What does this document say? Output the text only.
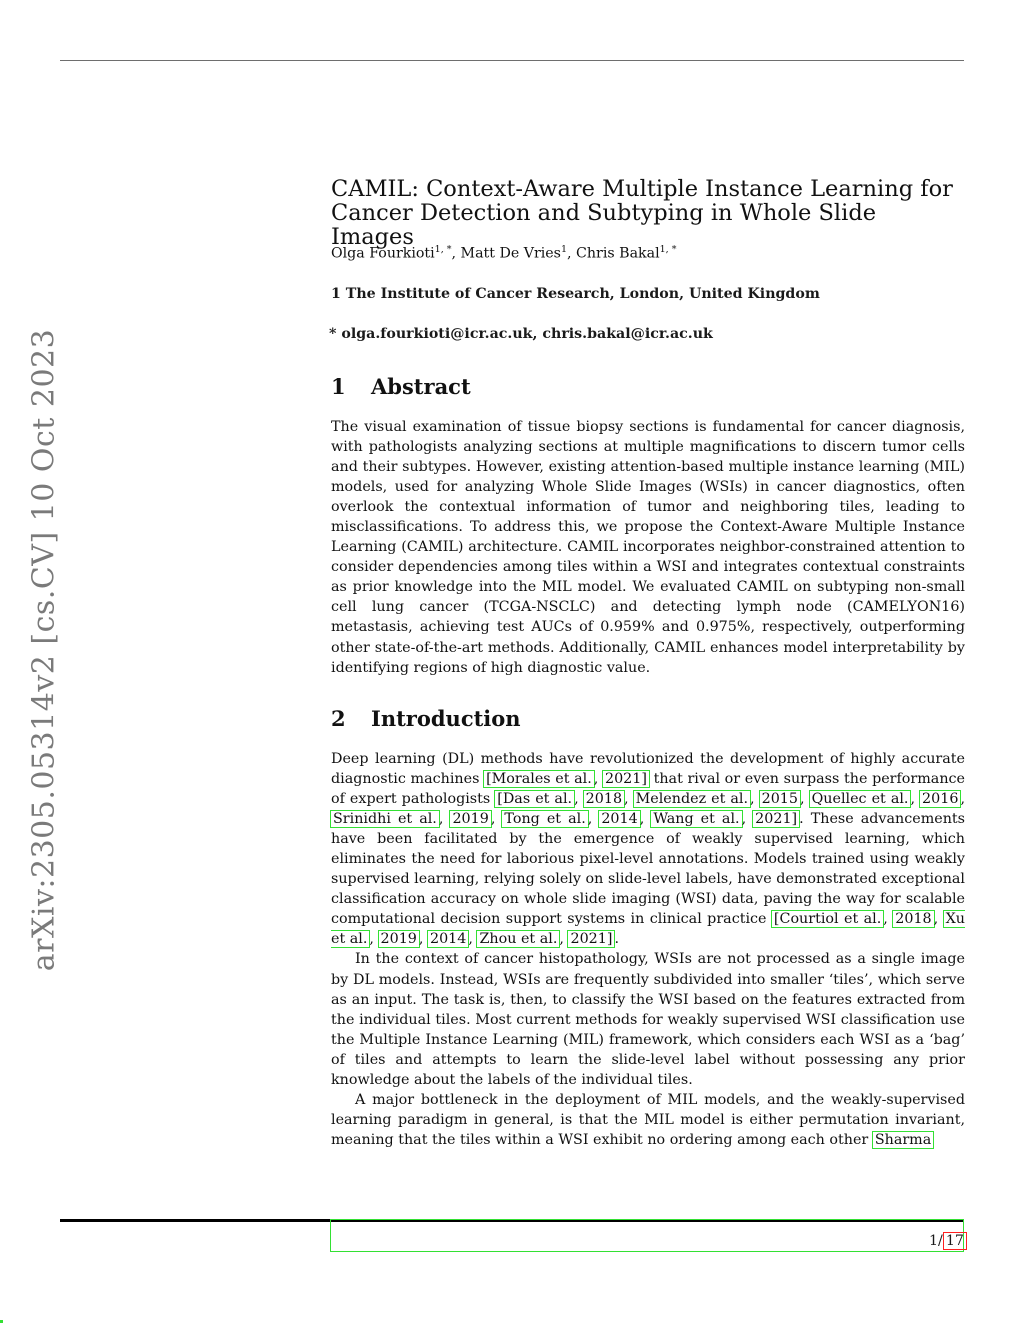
arXiv:2305.05314v2 [cs.CV] 10 Oct 2023
CAMIL: Context-Aware Multiple Instance Learning for
Cancer Detection and Subtyping in Whole Slide Images
Olga Fourkioti$^{1, *}$, Matt De Vries$^1$, Chris Bakal$^{1, *}$
1 The Institute of Cancer Research, London, United Kingdom
* olga.fourkioti@icr.ac.uk, chris.bakal@icr.ac.uk
1 Abstract

The visual examination of tissue biopsy sections is fundamental for cancer diagnosis, with pathologists analyzing sections at multiple magnifications to discern tumor cells and their subtypes. However, existing attention-based multiple instance learning (MIL) models, used for analyzing Whole Slide Images (WSIs) in cancer diagnostics, often overlook the contextual information of tumor and neighboring tiles, leading to misclassifications. To address this, we propose the Context-Aware Multiple Instance Learning (CAMIL) architecture. CAMIL incorporates neighbor-constrained attention to consider dependencies among tiles within a WSI and integrates contextual constraints as prior knowledge into the MIL model. We evaluated CAMIL on subtyping non-small cell lung cancer (TCGA-NSCLC) and detecting lymph node (CAMELYON16) metastasis, achieving test AUCs of 0.959% and 0.975%, respectively, outperforming other state-of-the-art methods. Additionally, CAMIL enhances model interpretability by identifying regions of high diagnostic value.

2 Introduction

Deep learning (DL) methods have revolutionized the development of highly accurate diagnostic machines [Morales et al. , 2021] that rival or even surpass the performance of expert pathologists [Das et al. , 2018 , Melendez et al. , 2015 , Quellec et al. , 2016 , Srinidhi et al. , 2019 , Tong et al. , 2014 , Wang et al. , 2021] . These advancements have been facilitated by the emergence of weakly supervised learning, which eliminates the need for laborious pixel-level annotations. Models trained using weakly supervised learning, relying solely on slide-level labels, have demonstrated exceptional classification accuracy on whole slide imaging (WSI) data, paving the way for scalable computational decision support systems in clinical practice [Courtiol et al. , 2018 , Xu et al. , 2019 , 2014 , Zhou et al. , 2021] .

In the context of cancer histopathology, WSIs are not processed as a single image by DL models. Instead, WSIs are frequently subdivided into smaller ‘tiles’, which serve as an input. The task is, then, to classify the WSI based on the features extracted from the individual tiles. Most current methods for weakly supervised WSI classification use the Multiple Instance Learning (MIL) framework, which considers each WSI as a ‘bag’ of tiles and attempts to learn the slide-level label without possessing any prior knowledge about the labels of the individual tiles.

A major bottleneck in the deployment of MIL models, and the weakly-supervised learning paradigm in general, is that the MIL model is either permutation invariant, meaning that the tiles within a WSI exhibit no ordering among each other Sharma

1/ 17
